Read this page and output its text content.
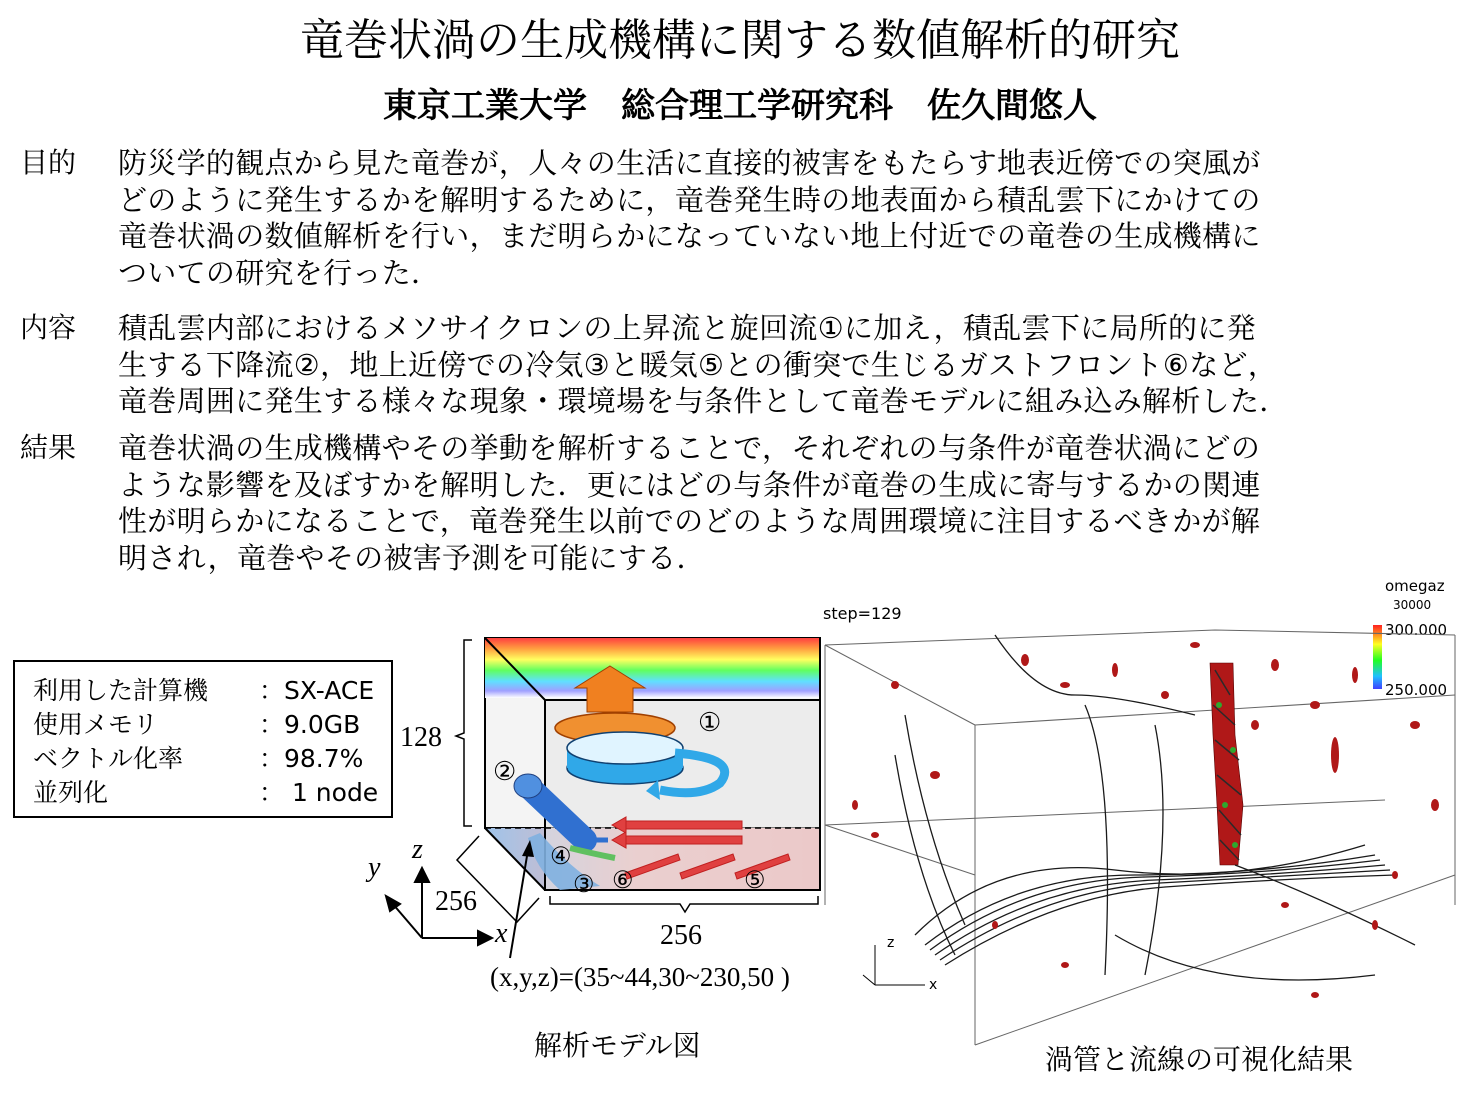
竜巻状渦の生成機構に関する数値解析的研究
東京工業大学　総合理工学研究科　佐久間悠人
目的	防災学的観点から見た竜巻が，人々の生活に直接的被害をもたらす地表近傍での突風が
どのように発生するかを解明するために，竜巻発生時の地表面から積乱雲下にかけての
竜巻状渦の数値解析を行い，まだ明らかになっていない地上付近での竜巻の生成機構に
ついての研究を行った．
内容	積乱雲内部におけるメソサイクロンの上昇流と旋回流①に加え，積乱雲下に局所的に発
生する下降流②，地上近傍での冷気③と暖気⑤との衝突で生じるガストフロント⑥など，
竜巻周囲に発生する様々な現象・環境場を与条件として竜巻モデルに組み込み解析した．
結果	竜巻状渦の生成機構やその挙動を解析することで，それぞれの与条件が竜巻状渦にどの
ような影響を及ぼすかを解明した．更にはどの与条件が竜巻の生成に寄与するかの関連
性が明らかになることで，竜巻発生以前でのどのような周囲環境に注目するべきかが解
明され，竜巻やその被害予測を可能にする．
利用した計算機 ：SX-ACE
使用メモリ	：9.0GB
ベクトル化率	：98.7%
並列化	： 1 node
①
②
④
③ ⑥	⑤
128
256
256
z
y
x
(x,y,z)=(35~44,30~230,50 )
解析モデル図
step=129
omegaz
30000
300.000
250.000
z
x
渦管と流線の可視化結果
